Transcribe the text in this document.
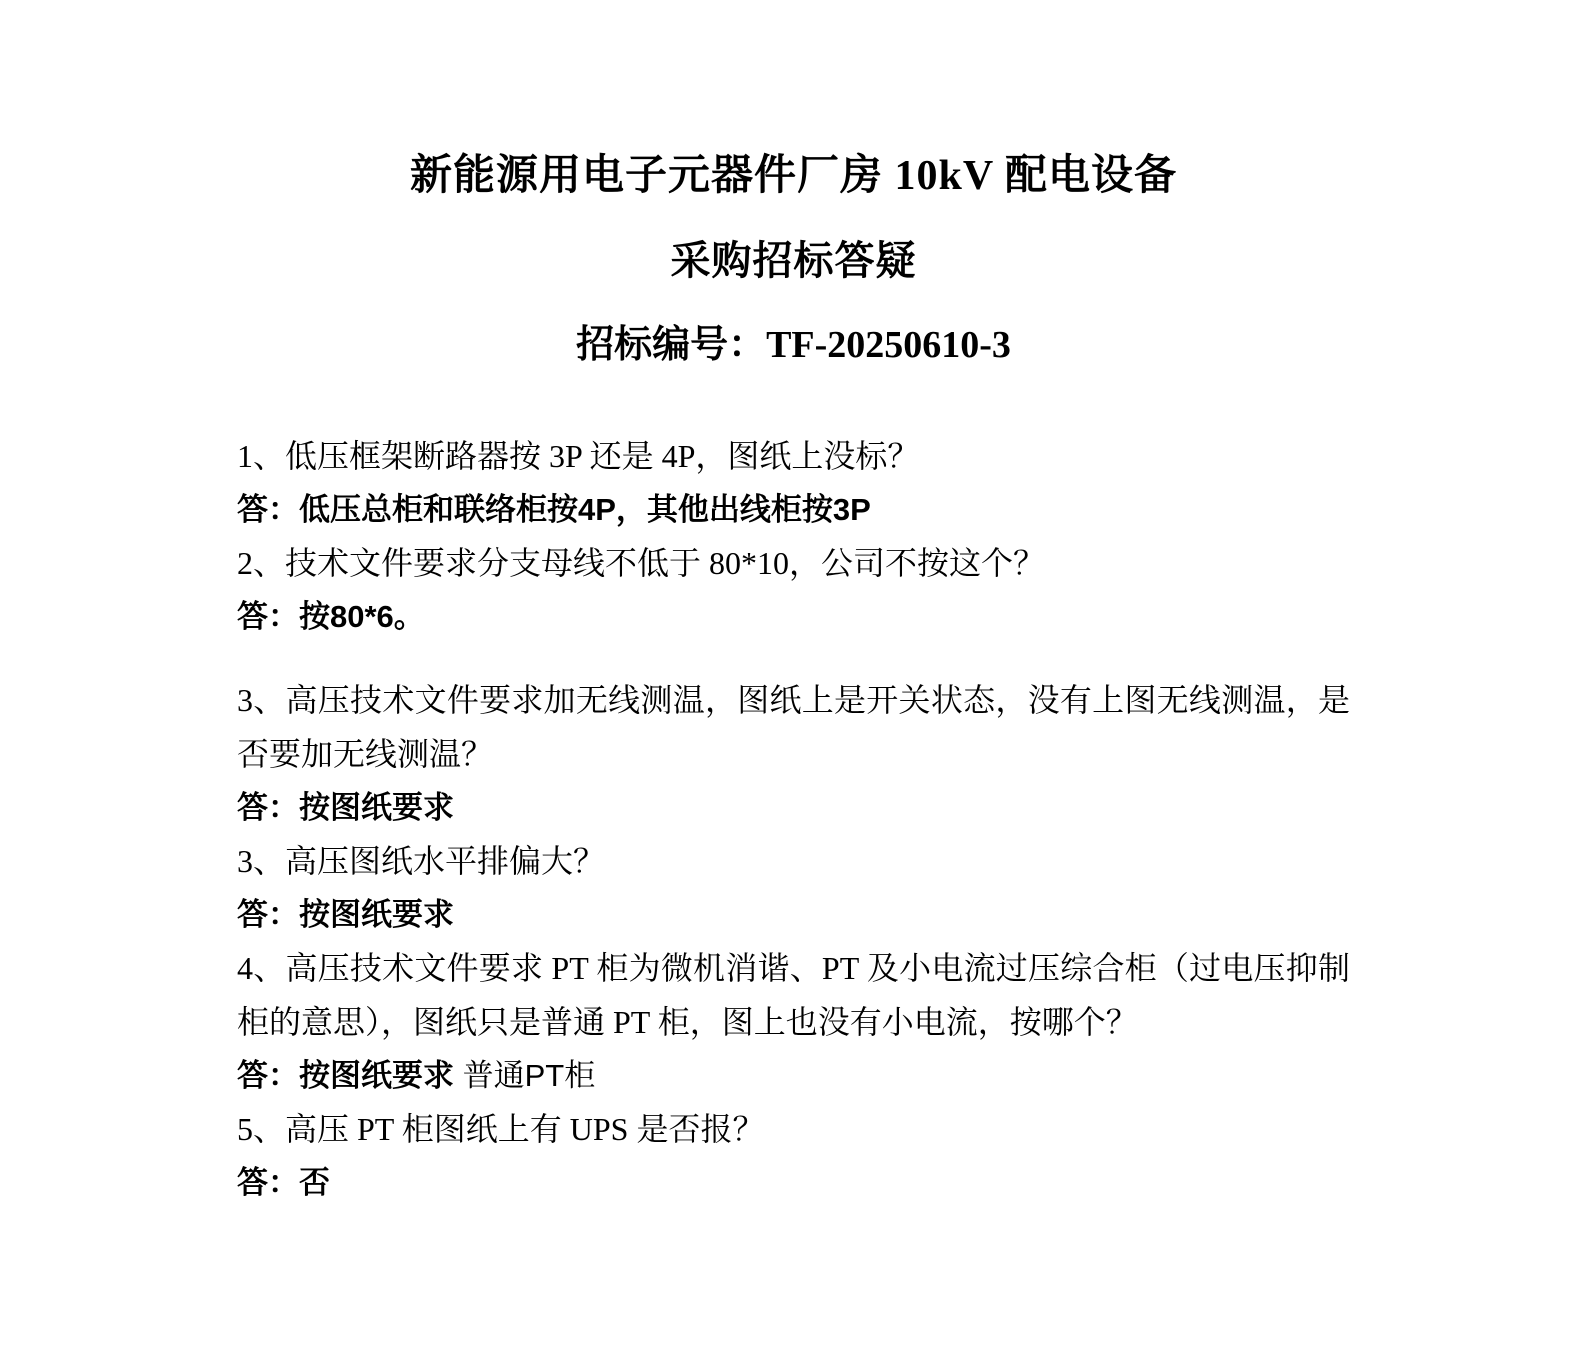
新能源用电子元器件厂房 10kV 配电设备
采购招标答疑

招标编号：TF-20250610-3

1、低压框架断路器按 3P 还是 4P，图纸上没标？

答：低压总柜和联络柜按4P，其他出线柜按3P

2、技术文件要求分支母线不低于 80*10，公司不按这个？

答：按80*6。

3、高压技术文件要求加无线测温，图纸上是开关状态，没有上图无线测温，是否要加无线测温？

答：按图纸要求

3、高压图纸水平排偏大？

答：按图纸要求

4、高压技术文件要求 PT 柜为微机消谐、PT 及小电流过压综合柜（过电压抑制柜的意思），图纸只是普通 PT 柜，图上也没有小电流，按哪个？

答：按图纸要求 普通PT柜

5、高压 PT 柜图纸上有 UPS 是否报？

答：否
